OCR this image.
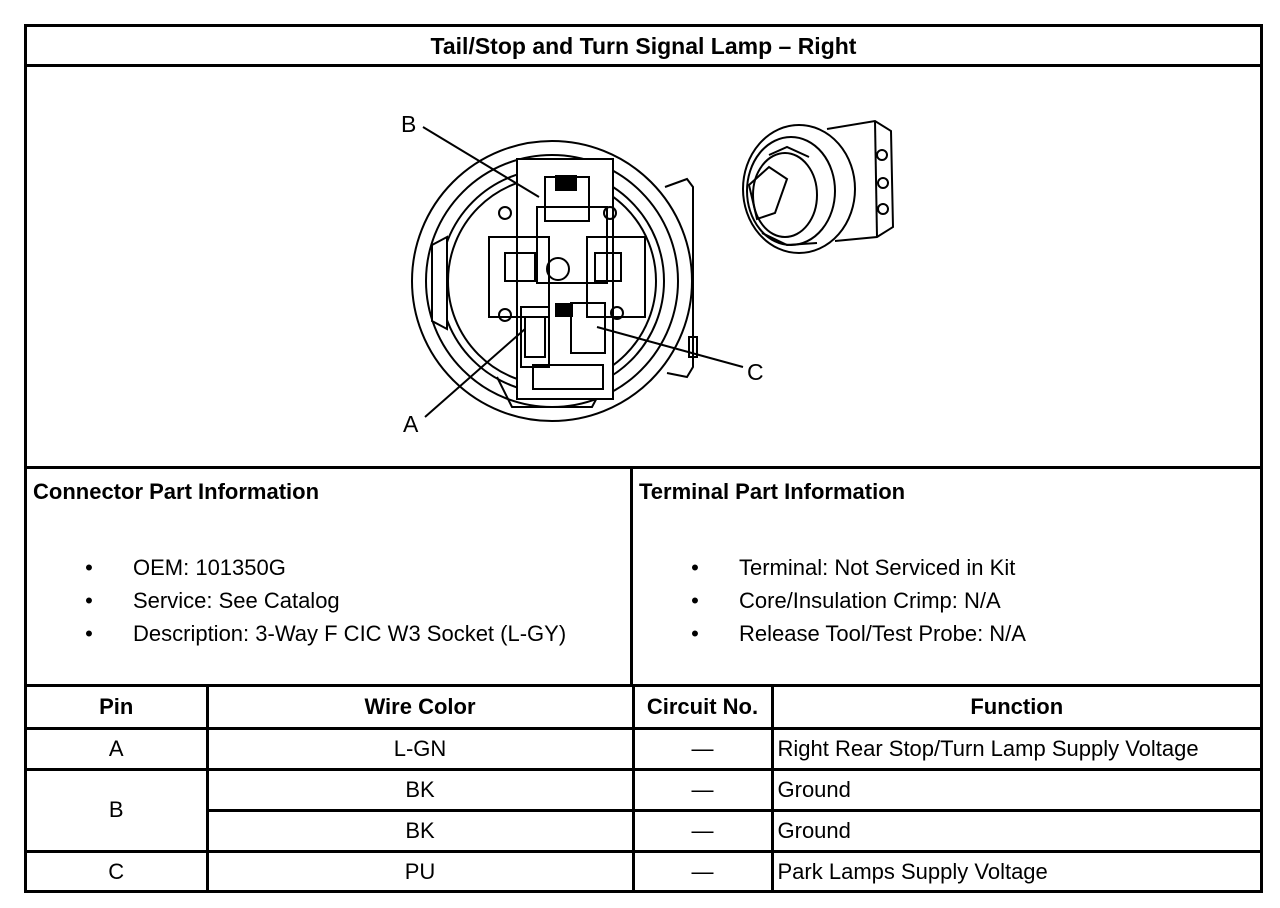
Tail/Stop and Turn Signal Lamp – Right
B
C
A
Connector Part Information
• OEM: 101350G
• Service: See Catalog
• Description: 3-Way F CIC W3 Socket (L-GY)
Terminal Part Information
• Terminal: Not Serviced in Kit
• Core/Insulation Crimp: N/A
• Release Tool/Test Probe: N/A
Pin	Wire Color	Circuit No.	Function
A	L-GN	—	Right Rear Stop/Turn Lamp Supply Voltage
B	BK	—	Ground
	BK	—	Ground
C	PU	—	Park Lamps Supply Voltage
